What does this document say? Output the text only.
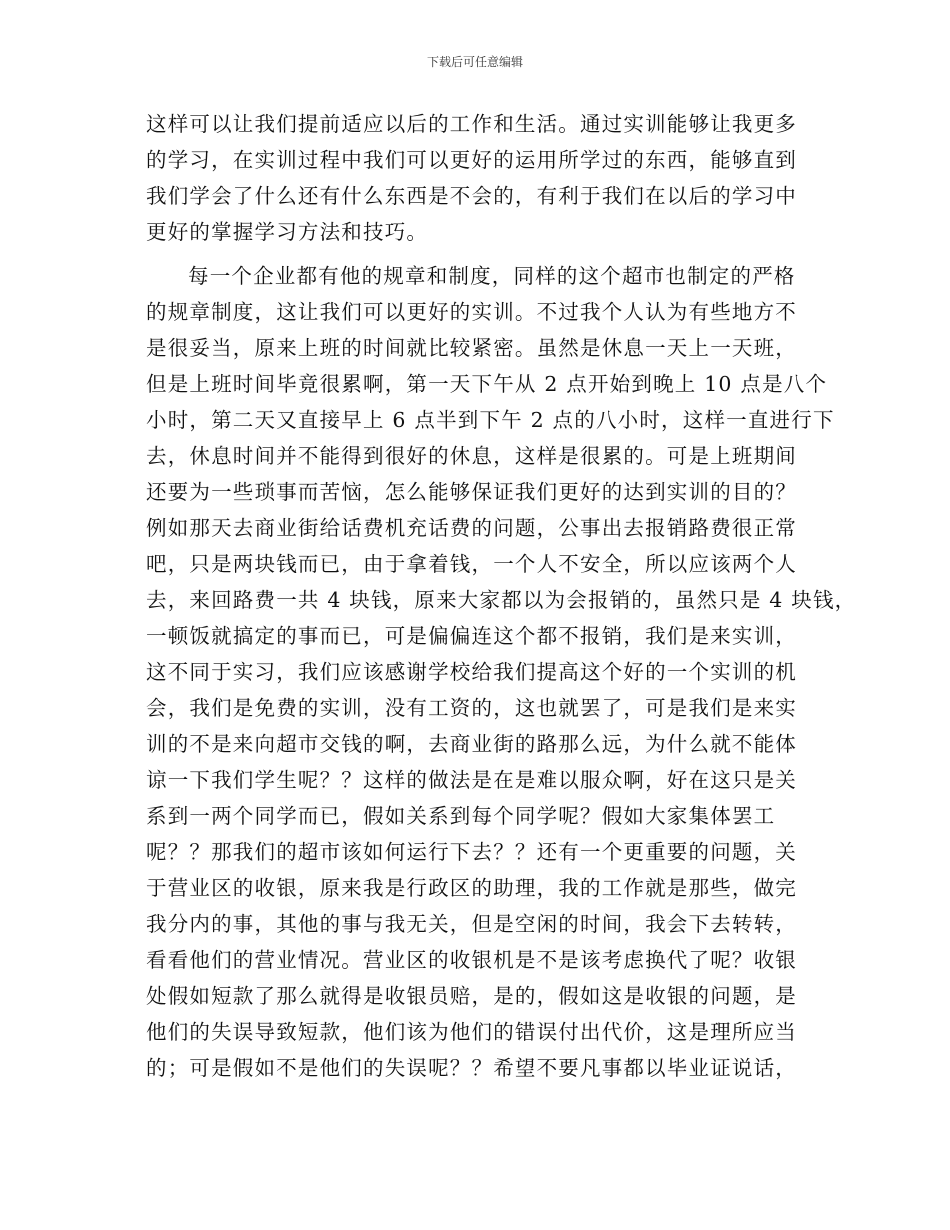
下载后可任意编辑
这样可以让我们提前适应以后的工作和生活。通过实训能够让我更多
的学习，在实训过程中我们可以更好的运用所学过的东西，能够直到
我们学会了什么还有什么东西是不会的，有利于我们在以后的学习中
更好的掌握学习方法和技巧。
每一个企业都有他的规章和制度，同样的这个超市也制定的严格
的规章制度，这让我们可以更好的实训。不过我个人认为有些地方不
是很妥当，原来上班的时间就比较紧密。虽然是休息一天上一天班，
但是上班时间毕竟很累啊，第一天下午从 2 点开始到晚上 10 点是八个
小时，第二天又直接早上 6 点半到下午 2 点的八小时，这样一直进行下
去，休息时间并不能得到很好的休息，这样是很累的。可是上班期间
还要为一些琐事而苦恼，怎么能够保证我们更好的达到实训的目的？
例如那天去商业街给话费机充话费的问题，公事出去报销路费很正常
吧，只是两块钱而已，由于拿着钱，一个人不安全，所以应该两个人
去，来回路费一共 4 块钱，原来大家都以为会报销的，虽然只是 4 块钱，
一顿饭就搞定的事而已，可是偏偏连这个都不报销，我们是来实训，
这不同于实习，我们应该感谢学校给我们提高这个好的一个实训的机
会，我们是免费的实训，没有工资的，这也就罢了，可是我们是来实
训的不是来向超市交钱的啊，去商业街的路那么远，为什么就不能体
谅一下我们学生呢？？这样的做法是在是难以服众啊，好在这只是关
系到一两个同学而已，假如关系到每个同学呢？假如大家集体罢工
呢？？那我们的超市该如何运行下去？？还有一个更重要的问题，关
于营业区的收银，原来我是行政区的助理，我的工作就是那些，做完
我分内的事，其他的事与我无关，但是空闲的时间，我会下去转转，
看看他们的营业情况。营业区的收银机是不是该考虑换代了呢？收银
处假如短款了那么就得是收银员赔，是的，假如这是收银的问题，是
他们的失误导致短款，他们该为他们的错误付出代价，这是理所应当
的；可是假如不是他们的失误呢？？希望不要凡事都以毕业证说话，
